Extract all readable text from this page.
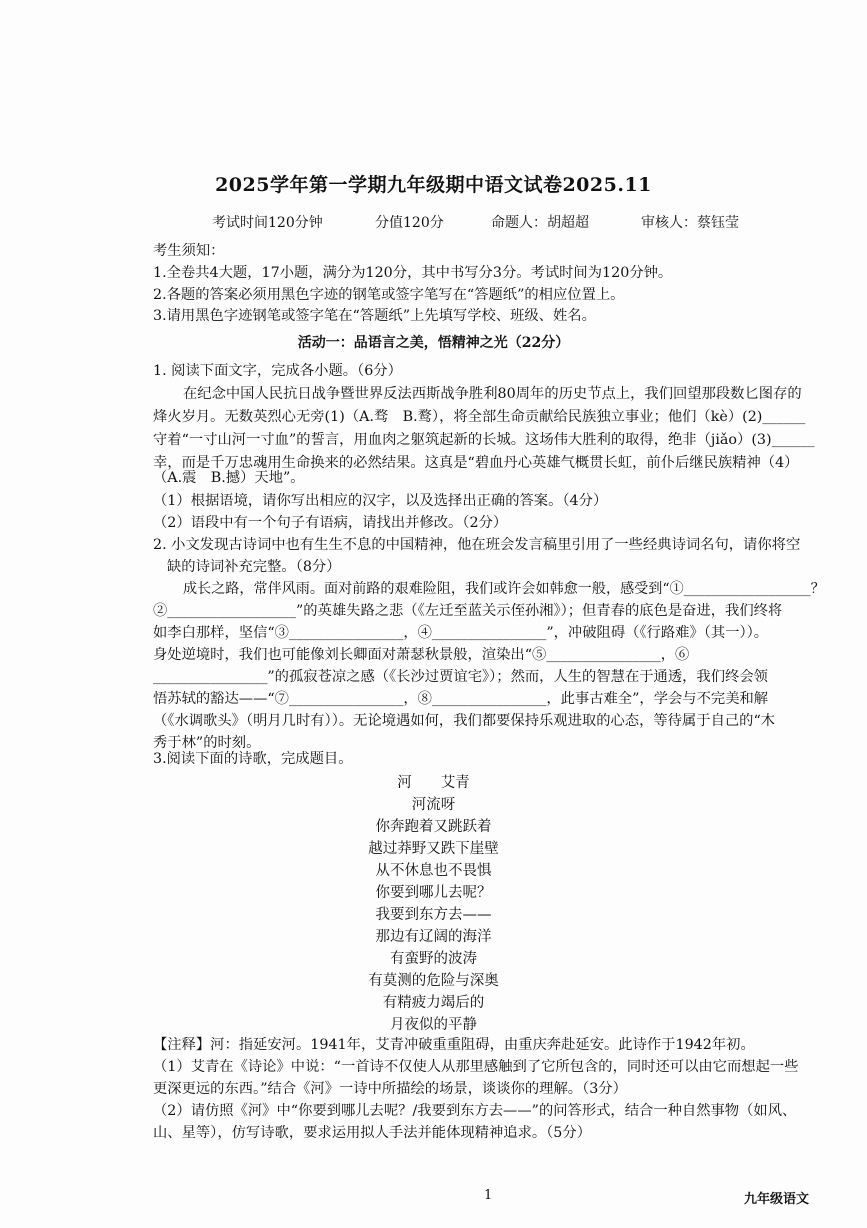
2025学年第一学期九年级期中语文试卷2025.11
考试时间120分钟	分值120分	命题人：胡超超	审核人：蔡钰莹
考生须知：
1.全卷共4大题，17小题，满分为120分，其中书写分3分。考试时间为120分钟。
2.各题的答案必须用黑色字迹的钢笔或签字笔写在“答题纸”的相应位置上。
3.请用黑色字迹钢笔或签字笔在“答题纸”上先填写学校、班级、姓名。
活动一：品语言之美，悟精神之光（22分）
1. 阅读下面文字，完成各小题。（6分）
在纪念中国人民抗日战争暨世界反法西斯战争胜利80周年的历史节点上，我们回望那段数匕图存的
烽火岁月。无数英烈心无旁(1)（A.骛　B.鹜），将全部生命贡献给民族独立事业；他们（kè）(2)______
守着“一寸山河一寸血”的誓言，用血肉之躯筑起新的长城。这场伟大胜利的取得，绝非（jiǎo）(3)______
幸，而是千万忠魂用生命换来的必然结果。这真是“碧血丹心英雄气概贯长虹，前仆后继民族精神（4）
（A.震　B.撼）天地”。
（1）根据语境，请你写出相应的汉字，以及选择出正确的答案。（4分）
（2）语段中有一个句子有语病，请找出并修改。（2分）
2. 小文发现古诗词中也有生生不息的中国精神，他在班会发言稿里引用了一些经典诗词名句，请你将空
缺的诗词补充完整。（8分）
成长之路，常伴风雨。面对前路的艰难险阻，我们或许会如韩愈一般，感受到“①__________________？
②__________________”的英雄失路之悲（《左迁至蓝关示侄孙湘》）；但青春的底色是奋进，我们终将
如李白那样，坚信“③________________，④________________”，冲破阻碍（《行路难》（其一））。
身处逆境时，我们也可能像刘长卿面对萧瑟秋景般，渲染出“⑤________________，⑥
________________”的孤寂苍凉之感（《长沙过贾谊宅》）；然而，人生的智慧在于通透，我们终会领
悟苏轼的豁达——“⑦________________，⑧________________，此事古难全”，学会与不完美和解
（《水调歌头》（明月几时有））。无论境遇如何，我们都要保持乐观进取的心态，等待属于自己的“木
秀于林”的时刻。
3.阅读下面的诗歌，完成题目。
河　　艾青
河流呀
你奔跑着又跳跃着
越过莽野又跌下崖壁
从不休息也不畏惧
你要到哪儿去呢？
我要到东方去——
那边有辽阔的海洋
有蛮野的波涛
有莫测的危险与深奥
有精疲力竭后的
月夜似的平静
【注释】河：指延安河。1941年，艾青冲破重重阻碍，由重庆奔赴延安。此诗作于1942年初。
（1）艾青在《诗论》中说：“一首诗不仅使人从那里感触到了它所包含的，同时还可以由它而想起一些
更深更远的东西。”结合《河》一诗中所描绘的场景，谈谈你的理解。（3分）
（2）请仿照《河》中“你要到哪儿去呢？/我要到东方去——”的问答形式，结合一种自然事物（如风、
山、星等），仿写诗歌，要求运用拟人手法并能体现精神追求。（5分）
1	九年级语文
